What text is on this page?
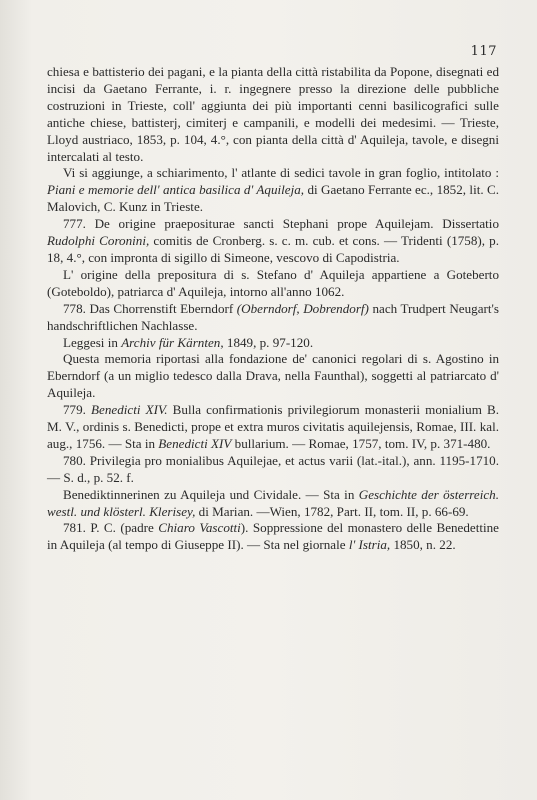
117

chiesa e battisterio dei pagani, e la pianta della città ristabilita da Popone, disegnati ed incisi da Gaetano Ferrante, i. r. ingegnere presso la direzione delle pubbliche costruzioni in Trieste, coll' aggiunta dei più importanti cenni basilicografici sulle antiche chiese, battisterj, cimiterj e campanili, e modelli dei medesimi. — Trieste, Lloyd austriaco, 1853, p. 104, 4.°, con pianta della città d' Aquileja, tavole, e disegni intercalati al testo.

Vi si aggiunge, a schiarimento, l' atlante di sedici tavole in gran foglio, intitolato : Piani e memorie dell' antica basilica d' Aquileja, di Gaetano Ferrante ec., 1852, lit. C. Malovich, C. Kunz in Trieste.

777. De origine praepositurae sancti Stephani prope Aquilejam. Dissertatio Rudolphi Coronini, comitis de Cronberg. s. c. m. cub. et cons. — Tridenti (1758), p. 18, 4.°, con impronta di sigillo di Simeone, vescovo di Capodistria.

L' origine della prepositura di s. Stefano d' Aquileja appartiene a Goteberto (Goteboldo), patriarca d' Aquileja, intorno all'anno 1062.

778. Das Chorrenstift Eberndorf (Oberndorf, Dobrendorf) nach Trudpert Neugart's handschriftlichen Nachlasse.

Leggesi in Archiv für Kärnten, 1849, p. 97-120.

Questa memoria riportasi alla fondazione de' canonici regolari di s. Agostino in Eberndorf (a un miglio tedesco dalla Drava, nella Faunthal), soggetti al patriarcato d' Aquileja.

779. Benedicti XIV. Bulla confirmationis privilegiorum monasterii monialium B. M. V., ordinis s. Benedicti, prope et extra muros civitatis aquilejensis, Romae, III. kal. aug., 1756. — Sta in Benedicti XIV bullarium. — Romae, 1757, tom. IV, p. 371-480.

780. Privilegia pro monialibus Aquilejae, et actus varii (lat.-ital.), ann. 1195-1710. — S. d., p. 52. f.

Benediktinnerinen zu Aquileja und Cividale. — Sta in Geschichte der österreich. westl. und klösterl. Klerisey, di Marian. —Wien, 1782, Part. II, tom. II, p. 66-69.

781. P. C. (padre Chiaro Vascotti). Soppressione del monastero delle Benedettine in Aquileja (al tempo di Giuseppe II). — Sta nel giornale l' Istria, 1850, n. 22.
